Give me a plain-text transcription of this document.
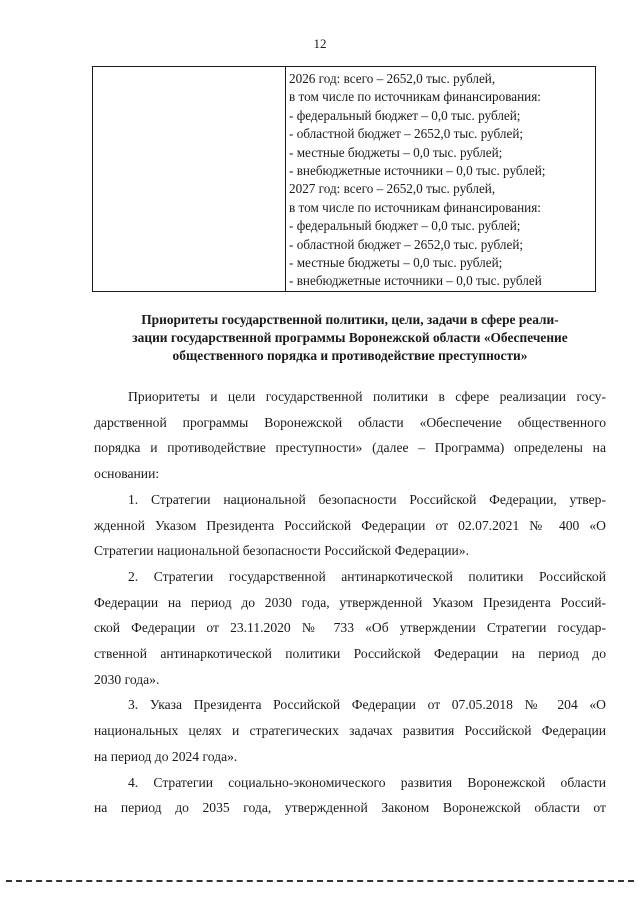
12
2026 год: всего – 2652,0 тыс. рублей,
в том числе по источникам финансирования:
- федеральный бюджет – 0,0 тыс. рублей;
- областной бюджет – 2652,0 тыс. рублей;
- местные бюджеты – 0,0 тыс. рублей;
- внебюджетные источники – 0,0 тыс. рублей;
2027 год: всего – 2652,0 тыс. рублей,
в том числе по источникам финансирования:
- федеральный бюджет – 0,0 тыс. рублей;
- областной бюджет – 2652,0 тыс. рублей;
- местные бюджеты – 0,0 тыс. рублей;
- внебюджетные источники – 0,0 тыс. рублей
Приоритеты государственной политики, цели, задачи в сфере реали-
зации государственной программы Воронежской области «Обеспечение
общественного порядка и противодействие преступности»
Приоритеты и цели государственной политики в сфере реализации госу-
дарственной программы Воронежской области «Обеспечение общественного
порядка и противодействие преступности» (далее – Программа) определены на
основании:
1. Стратегии национальной безопасности Российской Федерации, утвер-
жденной Указом Президента Российской Федерации от 02.07.2021 № 400 «О
Стратегии национальной безопасности Российской Федерации».
2. Стратегии государственной антинаркотической политики Российской
Федерации на период до 2030 года, утвержденной Указом Президента Россий-
ской Федерации от 23.11.2020 № 733 «Об утверждении Стратегии государ-
ственной антинаркотической политики Российской Федерации на период до
2030 года».
3. Указа Президента Российской Федерации от 07.05.2018 № 204 «О
национальных целях и стратегических задачах развития Российской Федерации
на период до 2024 года».
4. Стратегии социально-экономического развития Воронежской области
на период до 2035 года, утвержденной Законом Воронежской области от
